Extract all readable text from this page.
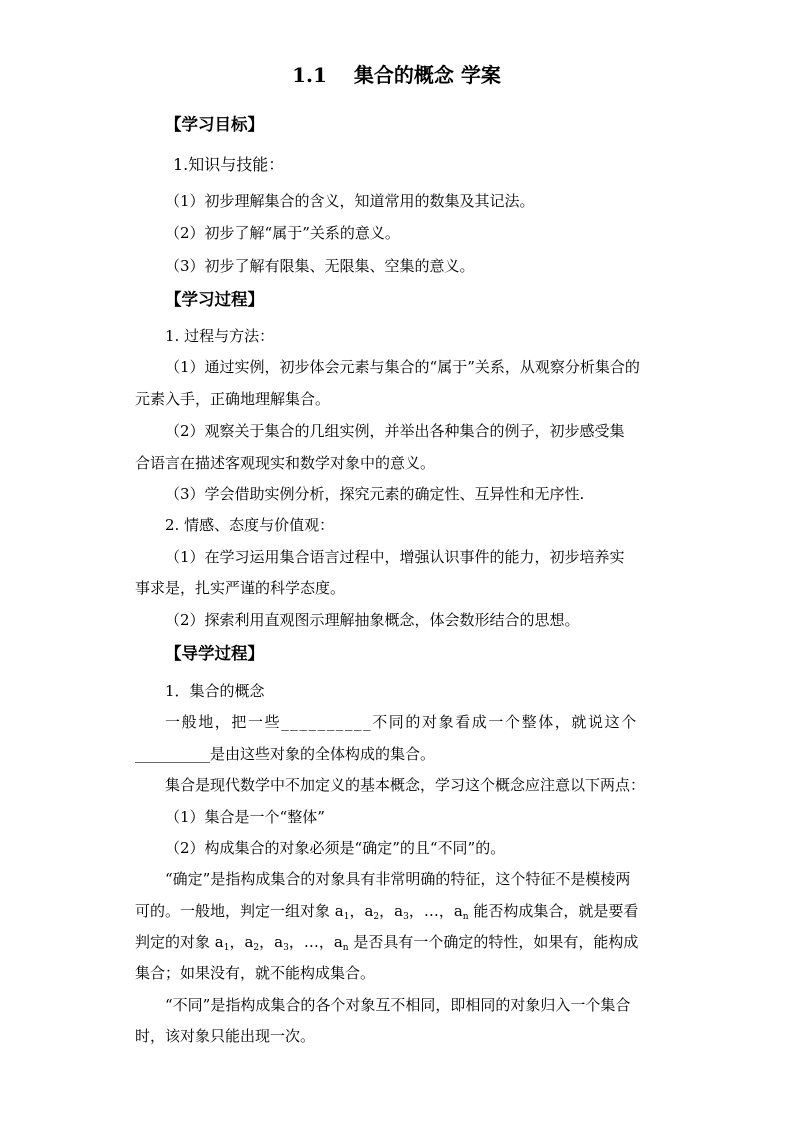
1.1　 集合的概念 学案
【学习目标】
1.知识与技能：
（1）初步理解集合的含义，知道常用的数集及其记法。
（2）初步了解“属于”关系的意义。
（3）初步了解有限集、无限集、空集的意义。
【学习过程】
1. 过程与方法：
（1）通过实例，初步体会元素与集合的“属于”关系，从观察分析集合的
元素入手，正确地理解集合。
（2）观察关于集合的几组实例，并举出各种集合的例子，初步感受集
合语言在描述客观现实和数学对象中的意义。
（3）学会借助实例分析，探究元素的确定性、互异性和无序性.
2. 情感、态度与价值观：
（1）在学习运用集合语言过程中，增强认识事件的能力，初步培养实
事求是，扎实严谨的科学态度。
（2）探索利用直观图示理解抽象概念，体会数形结合的思想。
【导学过程】
1．集合的概念
一般地，把一些__________不同的对象看成一个整体，就说这个
__________是由这些对象的全体构成的集合。
集合是现代数学中不加定义的基本概念，学习这个概念应注意以下两点：
（1）集合是一个“整体”
（2）构成集合的对象必须是“确定”的且“不同”的。
“确定”是指构成集合的对象具有非常明确的特征，这个特征不是模棱两
可的。一般地，判定一组对象 $a_1$，$a_2$，$a_3$，…，$a_n$ 能否构成集合，就是要看
判定的对象 $a_1$，$a_2$，$a_3$，…，$a_n$ 是否具有一个确定的特性，如果有，能构成
集合；如果没有，就不能构成集合。
“不同”是指构成集合的各个对象互不相同，即相同的对象归入一个集合
时，该对象只能出现一次。
